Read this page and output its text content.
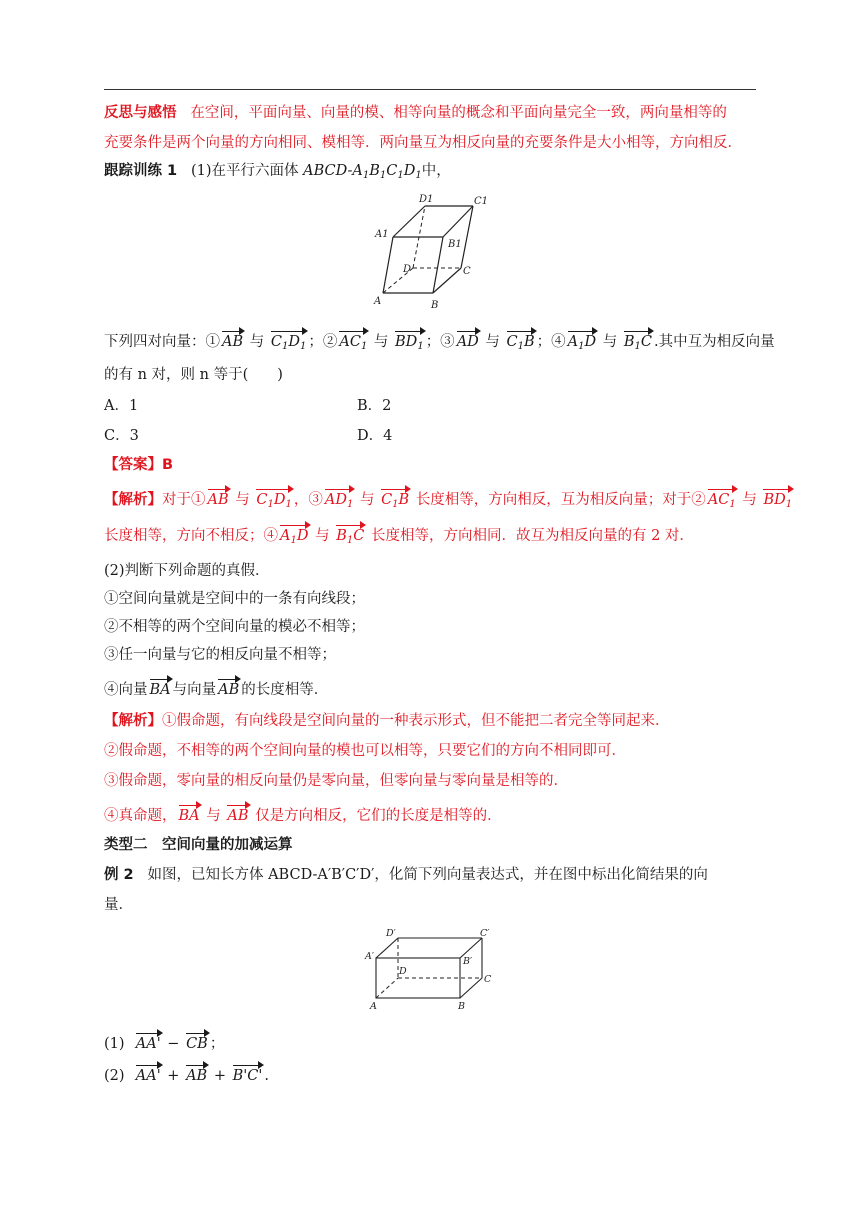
反思与感悟 在空间，平面向量、向量的模、相等向量的概念和平面向量完全一致，两向量相等的
充要条件是两个向量的方向相同、模相等．两向量互为相反向量的充要条件是大小相等，方向相反．
跟踪训练 1 (1)在平行六面体 ABCD-$A_1B_1C_1D_1$中，
D1	C1
A1
B1
D	C
A	B
下列四对向量：① AB 与 $C_1D_1$ ；② $AC_1$ 与 $BD_1$ ；③ AD 与 $C_1B$ ；④ $A_1D$ 与 $B_1C$ .其中互为相反向量
的有 n 对，则 n 等于(　　)
A．1	B．2
C．3	D．4
【答案】B
【解析】对于① AB 与 $C_1D_1$ ，③ $AD_1$ 与 $C_1B$ 长度相等，方向相反，互为相反向量；对于② $AC_1$ 与 $BD_1$
长度相等，方向不相反；④ $A_1D$ 与 $B_1C$ 长度相等，方向相同．故互为相反向量的有 2 对．
(2)判断下列命题的真假．
①空间向量就是空间中的一条有向线段；
②不相等的两个空间向量的模必不相等；
③任一向量与它的相反向量不相等；
④向量 BA 与向量 AB 的长度相等．
【解析】①假命题，有向线段是空间向量的一种表示形式，但不能把二者完全等同起来．
②假命题，不相等的两个空间向量的模也可以相等，只要它们的方向不相同即可．
③假命题，零向量的相反向量仍是零向量，但零向量与零向量是相等的．
④真命题， BA 与 AB 仅是方向相反，它们的长度是相等的．
类型二　空间向量的加减运算
例 2 如图，已知长方体 ABCD-A′B′C′D′，化简下列向量表达式，并在图中标出化简结果的向
量．
D′	C′
A′	B′
D
C
A	B
(1) AA' − CB ；
(2) AA' + AB + B'C' .
